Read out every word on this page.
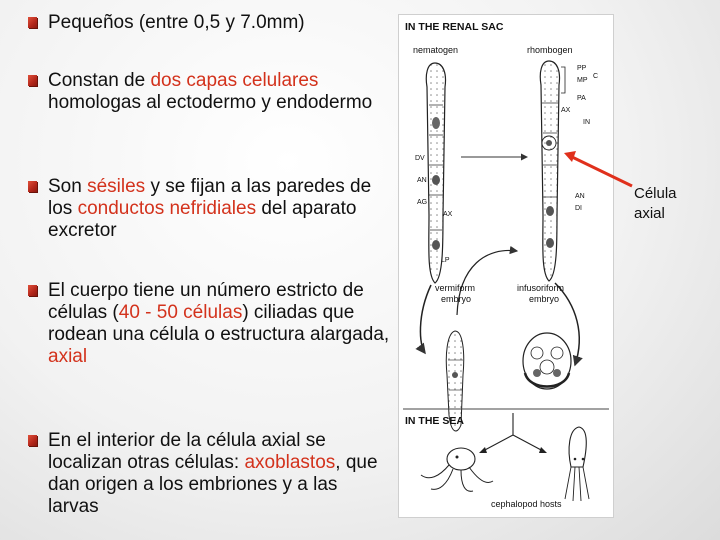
Pequeños (entre 0,5 y 7.0mm)
Constan de dos capas celulares homologas al ectodermo y endodermo
Son sésiles y se fijan a las paredes de los conductos nefridiales del aparato excretor
El cuerpo tiene un número estricto de células (40 - 50 células) ciliadas que rodean una célula o estructura alargada, axial
En el interior de la célula axial se localizan otras células: axoblastos, que dan origen a los embriones y a las larvas
IN THE RENAL SAC
nematogen	rhombogen
PP
MP
C
PA
AX
IN
DV
AN
AG
AX
AN
DI
LP
vermiform
embryo
infusoriform
embryo
IN THE SEA
cephalopod hosts
Célula
axial
